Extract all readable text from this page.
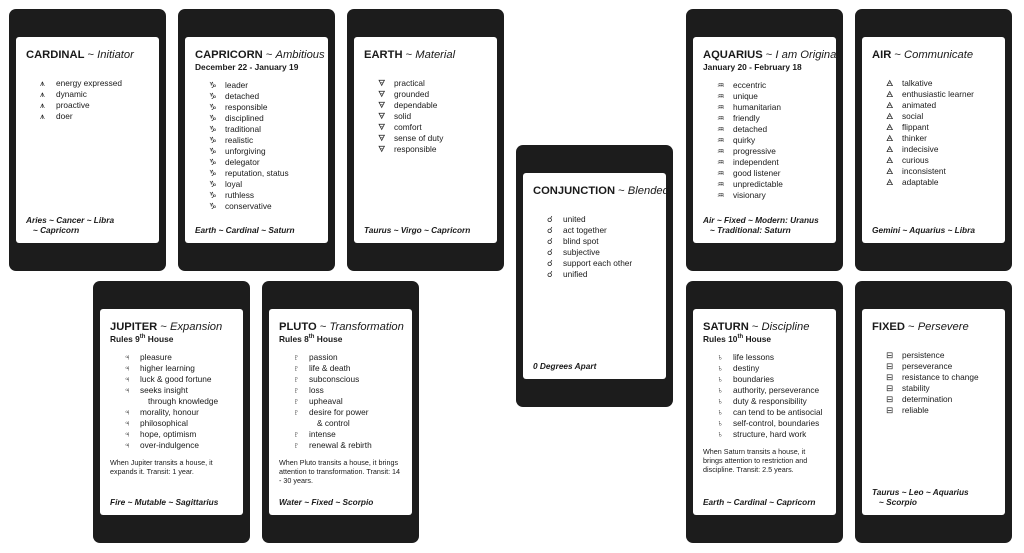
CARDINAL ~ Initiator
⩚	energy expressed
⩚	dynamic
⩚	proactive
⩚	doer
Aries ~ Cancer ~ Libra
~ Capricorn
CAPRICORN ~ Ambitious
December 22 - January 19
♑	leader
♑	detached
♑	responsible
♑	disciplined
♑	traditional
♑	realistic
♑	unforgiving
♑	delegator
♑	reputation, status
♑	loyal
♑	ruthless
♑	conservative
Earth ~ Cardinal ~ Saturn
EARTH ~ Material
🜃	practical
🜃	grounded
🜃	dependable
🜃	solid
🜃	comfort
🜃	sense of duty
🜃	responsible
Taurus ~ Virgo ~ Capricorn
CONJUNCTION ~ Blended
☌	united
☌	act together
☌	blind spot
☌	subjective
☌	support each other
☌	unified
0 Degrees Apart
AQUARIUS ~ I am Original
January 20 - February 18
♒	eccentric
♒	unique
♒	humanitarian
♒	friendly
♒	detached
♒	quirky
♒	progressive
♒	independent
♒	good listener
♒	unpredictable
♒	visionary
Air ~ Fixed ~ Modern: Uranus
~ Traditional: Saturn
AIR ~ Communicate
🜁	talkative
🜁	enthusiastic learner
🜁	animated
🜁	social
🜁	flippant
🜁	thinker
🜁	indecisive
🜁	curious
🜁	inconsistent
🜁	adaptable
Gemini ~ Aquarius ~ Libra
JUPITER ~ Expansion
Rules 9th House
♃	pleasure
♃	higher learning
♃	luck & good fortune
♃	seeks insight
through knowledge
♃	morality, honour
♃	philosophical
♃	hope, optimism
♃	over-indulgence
When Jupiter transits a house, it expands it. Transit: 1 year.
Fire ~ Mutable ~ Sagittarius
PLUTO ~ Transformation
Rules 8th House
♇	passion
♇	life & death
♇	subconscious
♇	loss
♇	upheaval
♇	desire for power
& control
♇	intense
♇	renewal & rebirth
When Pluto transits a house, it brings attention to transformation. Transit: 14 - 30 years.
Water ~ Fixed ~ Scorpio
SATURN ~ Discipline
Rules 10th House
♄	life lessons
♄	destiny
♄	boundaries
♄	authority, perseverance
♄	duty & responsibility
♄	can tend to be antisocial
♄	self-control, boundaries
♄	structure, hard work
When Saturn transits a house, it brings attention to restriction and discipline. Transit: 2.5 years.
Earth ~ Cardinal ~ Capricorn
FIXED ~ Persevere
⊟	persistence
⊟	perseverance
⊟	resistance to change
⊟	stability
⊟	determination
⊟	reliable
Taurus ~ Leo ~ Aquarius
~ Scorpio
